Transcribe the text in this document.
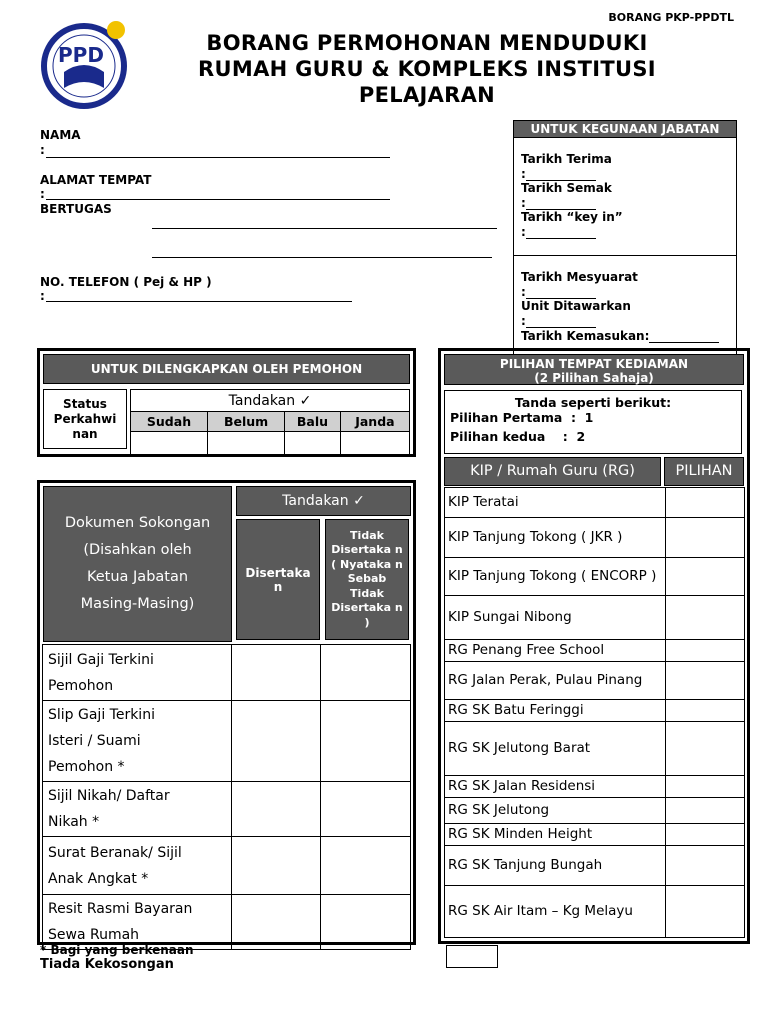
BORANG PKP-PPDTL
PPD	BORANG PERMOHONAN MENDUDUKI
RUMAH GURU & KOMPLEKS INSTITUSI
PELAJARAN
NAMA
:
ALAMAT TEMPAT
:
BERTUGAS
NO. TELEFON ( Pej & HP )
:
UNTUK KEGUNAAN JABATAN
Tarikh Terima
:
Tarikh Semak
:
Tarikh “key in”
:
Tarikh Mesyuarat
:
Unit Ditawarkan
:
Tarikh Kemasukan:
UNTUK DILENGKAPKAN OLEH PEMOHON
Status Perkahwi nan
Tandakan ✓			
Sudah	Belum	Balu	Janda

Dokumen Sokongan
(Disahkan oleh
Ketua Jabatan
Masing-Masing)
Tandakan ✓
Disertaka n
Tidak Disertaka n ( Nyataka n Sebab Tidak Disertaka n )
Sijil Gaji Terkini
Pemohon		

Slip Gaji Terkini
Isteri / Suami
Pemohon *		

Sijil Nikah/ Daftar
Nikah *		

Surat Beranak/ Sijil
Anak Angkat *		

Resit Rasmi Bayaran
Sewa Rumah		

* Bagi yang berkenaan
Tiada Kekosongan
PILIHAN TEMPAT KEDIAMAN
(2 Pilihan Sahaja)
Tanda seperti berikut:
Pilihan Pertama  :  1
Pilihan kedua    :  2
KIP / Rumah Guru (RG)	PILIHAN
KIP Teratai	
KIP Tanjung Tokong ( JKR )	
KIP Tanjung Tokong ( ENCORP )	
KIP Sungai Nibong	
RG Penang Free School	
RG Jalan Perak, Pulau Pinang	
RG SK Batu Feringgi	
RG SK Jelutong Barat	
RG SK Jalan Residensi	
RG SK Jelutong	
RG SK Minden Height	
RG SK Tanjung Bungah	
RG SK Air Itam – Kg Melayu	
